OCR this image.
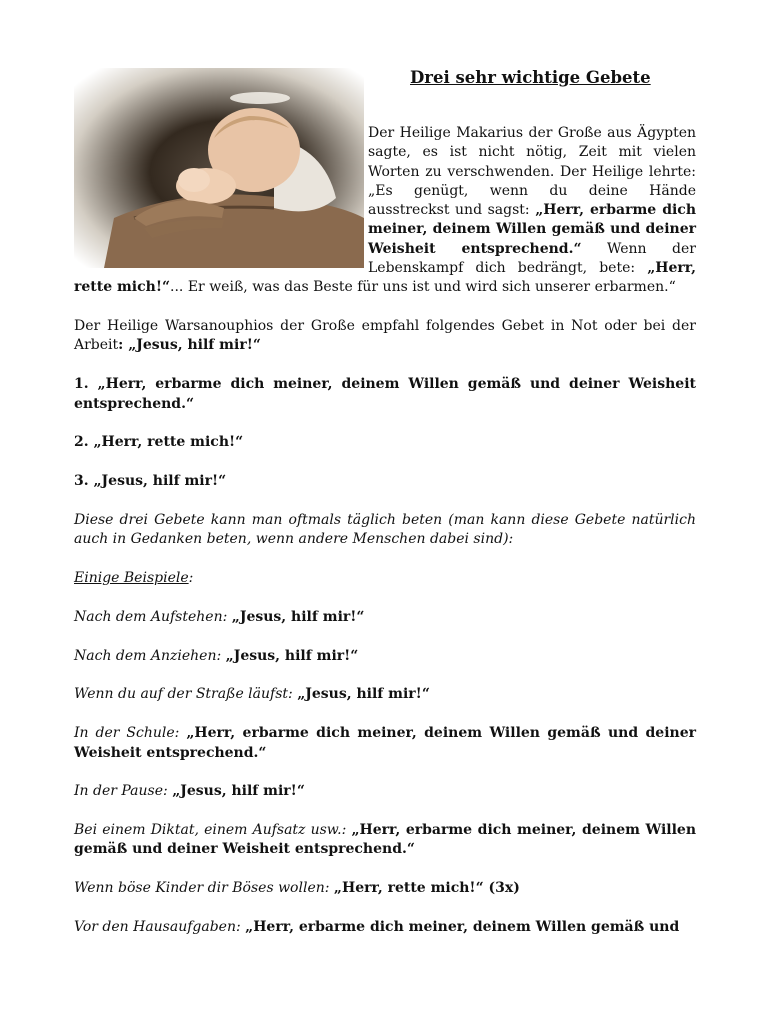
Drei sehr wichtige Gebete

Der Heilige Makarius der Große aus Ägypten sagte, es ist nicht nötig, Zeit mit vielen Worten zu verschwenden. Der Heilige lehrte: „Es genügt, wenn du deine Hände ausstreckst und sagst: „Herr, erbarme dich meiner, deinem Willen gemäß und deiner Weisheit entsprechend.“ Wenn der Lebenskampf dich bedrängt, bete: „Herr, rette mich!“... Er weiß, was das Beste für uns ist und wird sich unserer erbarmen.“

Der Heilige Warsanouphios der Große empfahl folgendes Gebet in Not oder bei der Arbeit: „Jesus, hilf mir!“

1. „Herr, erbarme dich meiner, deinem Willen gemäß und deiner Weisheit entsprechend.“

2. „Herr, rette mich!“

3. „Jesus, hilf mir!“

Diese drei Gebete kann man oftmals täglich beten (man kann diese Gebete natürlich auch in Gedanken beten, wenn andere Menschen dabei sind):

Einige Beispiele:

Nach dem Aufstehen: „Jesus, hilf mir!“

Nach dem Anziehen: „Jesus, hilf mir!“

Wenn du auf der Straße läufst: „Jesus, hilf mir!“

In der Schule: „Herr, erbarme dich meiner, deinem Willen gemäß und deiner Weisheit entsprechend.“

In der Pause: „Jesus, hilf mir!“

Bei einem Diktat, einem Aufsatz usw.: „Herr, erbarme dich meiner, deinem Willen gemäß und deiner Weisheit entsprechend.“

Wenn böse Kinder dir Böses wollen: „Herr, rette mich!“ (3x)

Vor den Hausaufgaben: „Herr, erbarme dich meiner, deinem Willen gemäß und
